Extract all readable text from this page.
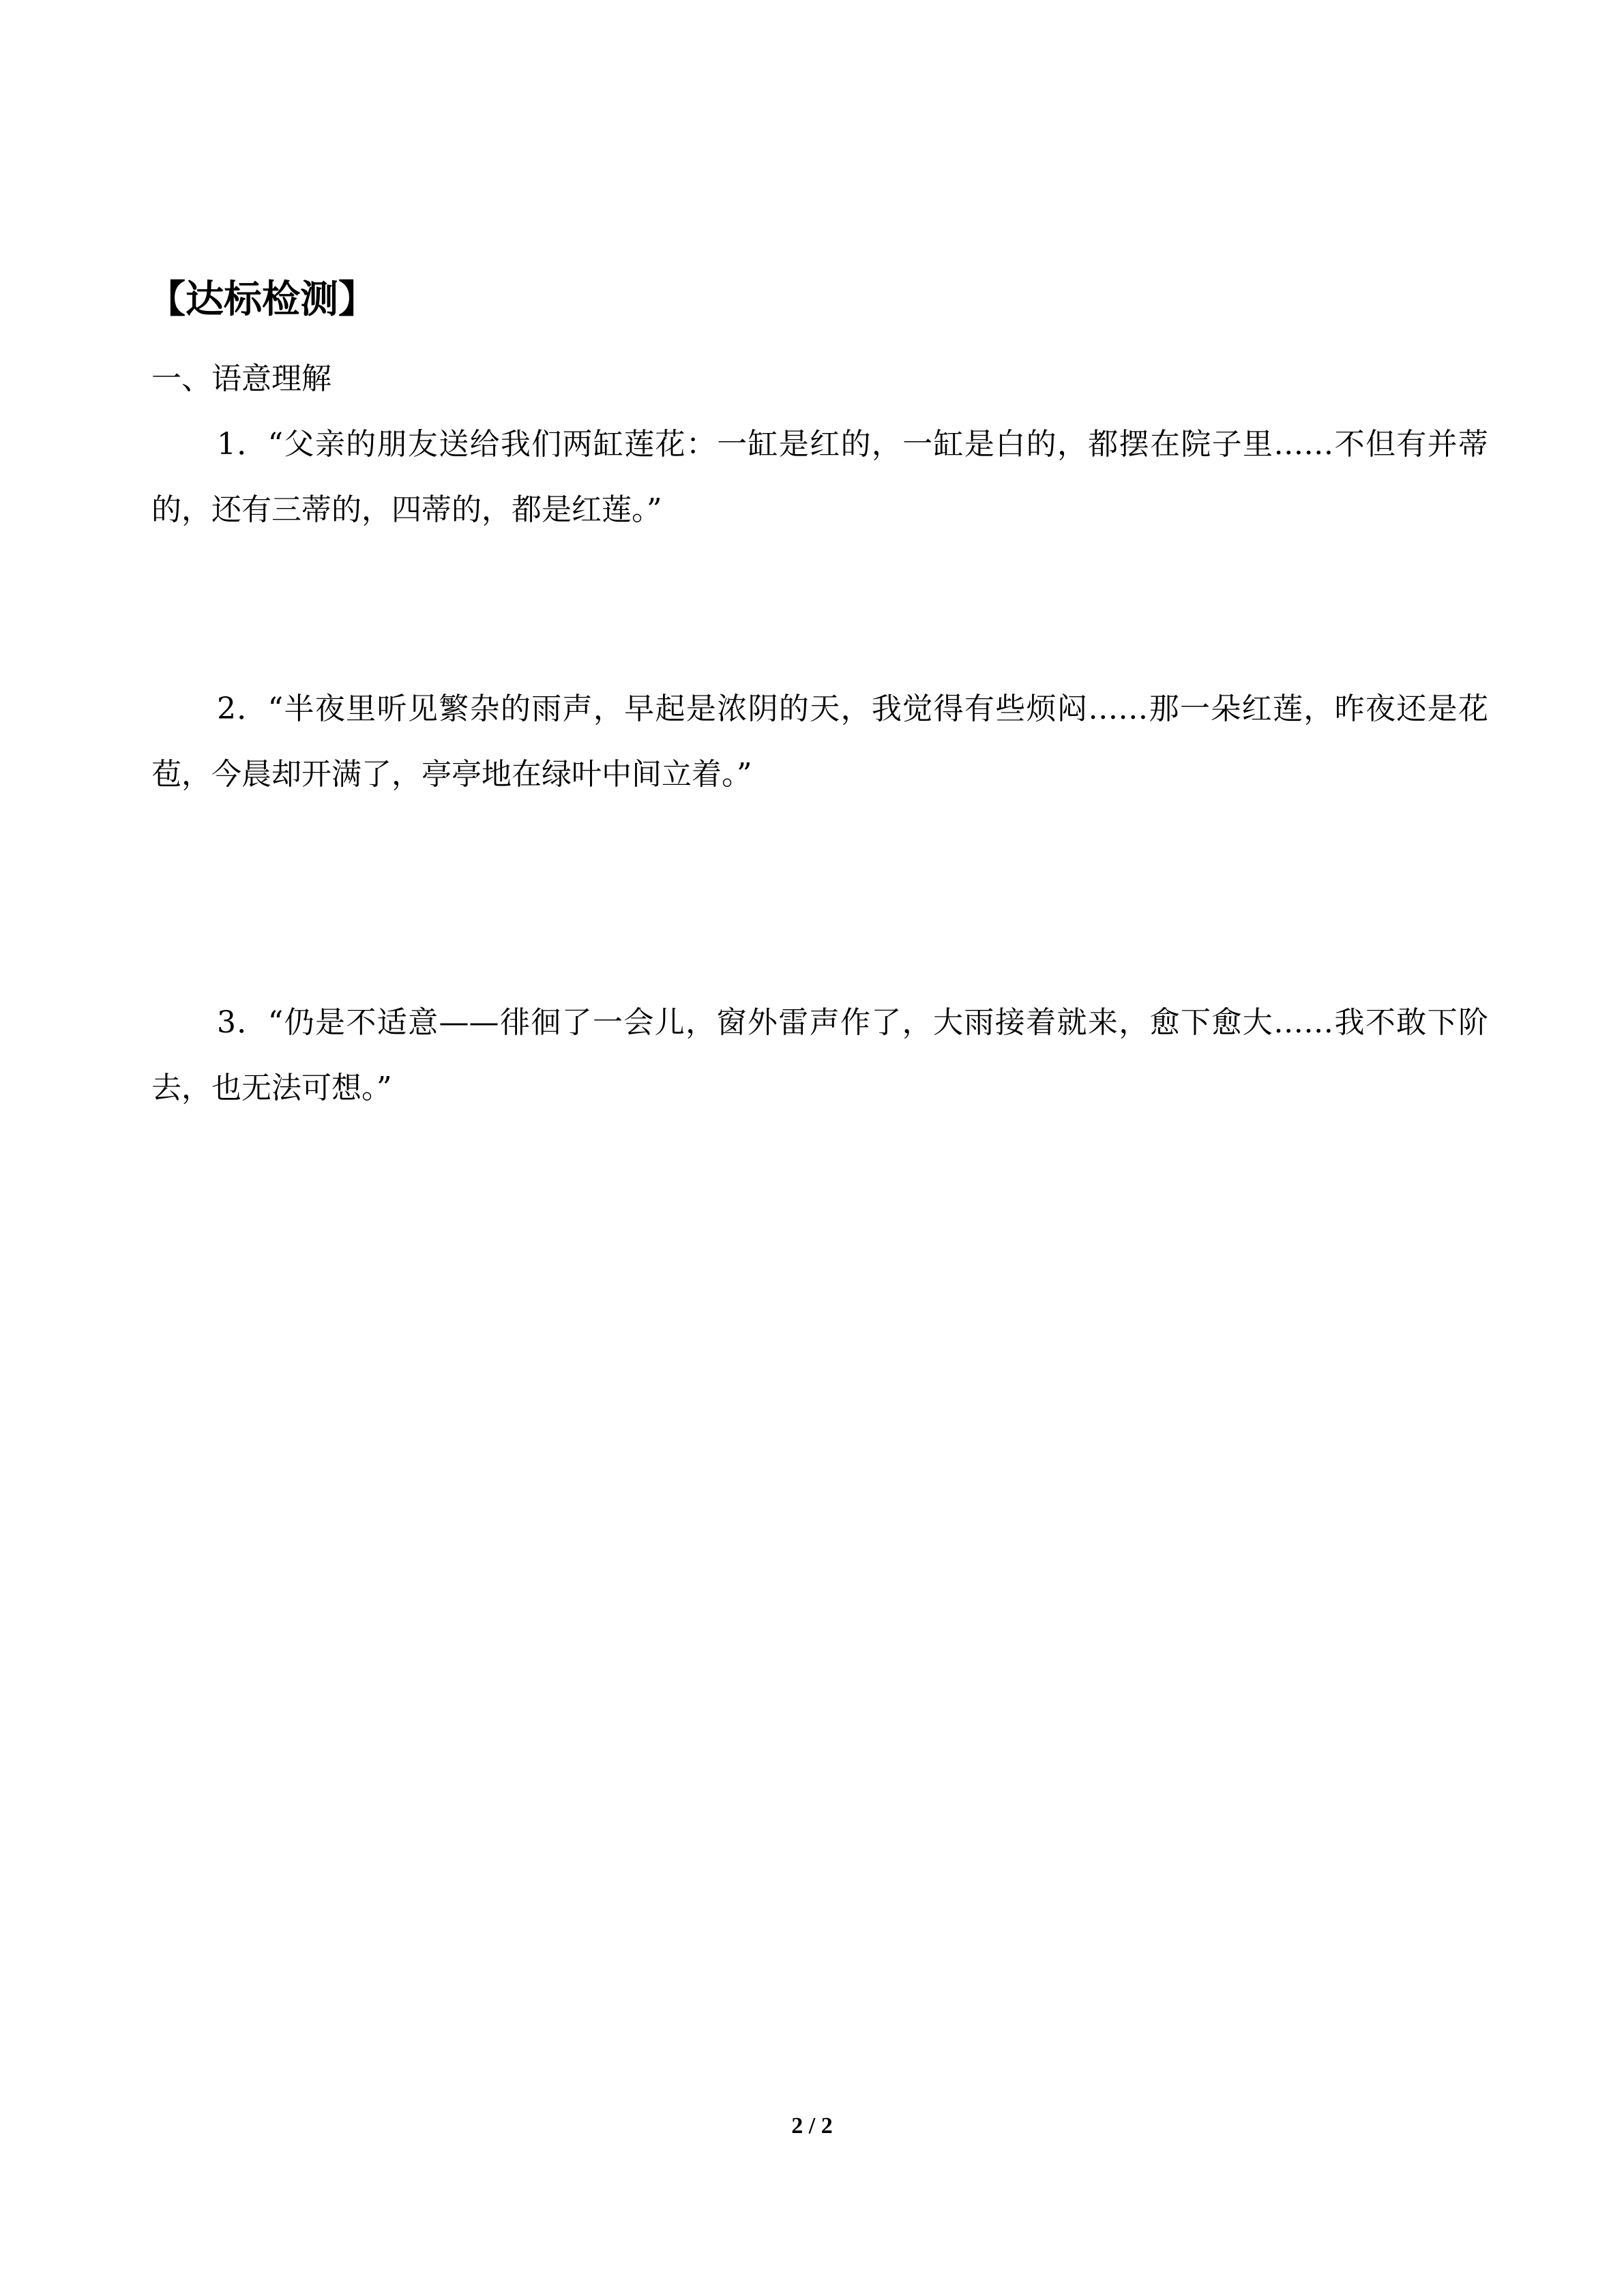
【达标检测】
一、语意理解

1．“父亲的朋友送给我们两缸莲花：一缸是红的，一缸是白的，都摆在院子里……不但有并蒂的，还有三蒂的，四蒂的，都是红莲。”

2．“半夜里听见繁杂的雨声，早起是浓阴的天，我觉得有些烦闷……那一朵红莲，昨夜还是花苞，今晨却开满了，亭亭地在绿叶中间立着。”

3．“仍是不适意——徘徊了一会儿，窗外雷声作了，大雨接着就来，愈下愈大……我不敢下阶去，也无法可想。”

2 / 2
